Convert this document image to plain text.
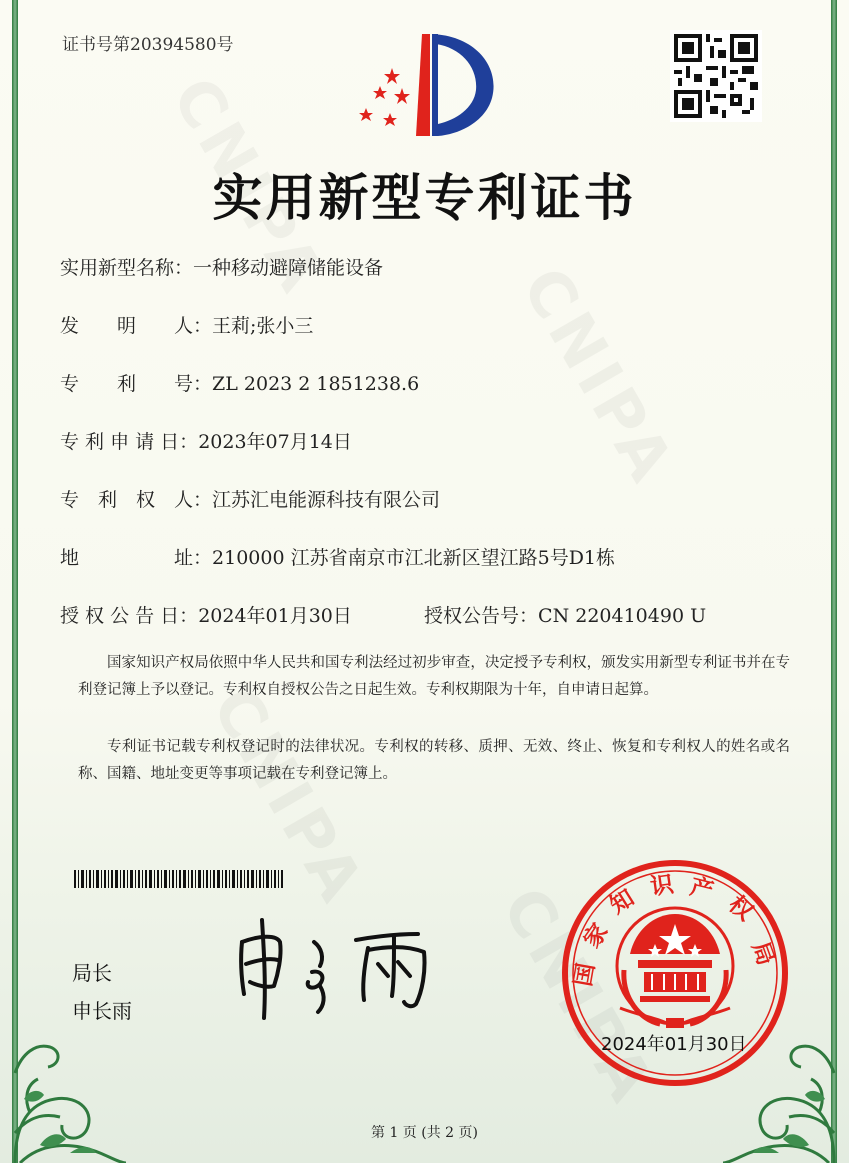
证书号第20394580号
实用新型专利证书
实用新型名称：一种移动避障储能设备
发　　明　　人：王莉;张小三
专　　利　　号：ZL 2023 2 1851238.6
专 利 申 请 日：2023年07月14日
专　利　权　人：江苏汇电能源科技有限公司
地　　　　　址：210000 江苏省南京市江北新区望江路5号D1栋
授 权 公 告 日：2024年01月30日	授权公告号：CN 220410490 U
国家知识产权局依照中华人民共和国专利法经过初步审查，决定授予专利权，颁发实用新型专利证书并在专利登记簿上予以登记。专利权自授权公告之日起生效。专利权期限为十年，自申请日起算。
专利证书记载专利权登记时的法律状况。专利权的转移、质押、无效、终止、恢复和专利权人的姓名或名称、国籍、地址变更等事项记载在专利登记簿上。
局长
申长雨
国
家
知 识 产
权
局
2024年01月30日
第 1 页 (共 2 页)
